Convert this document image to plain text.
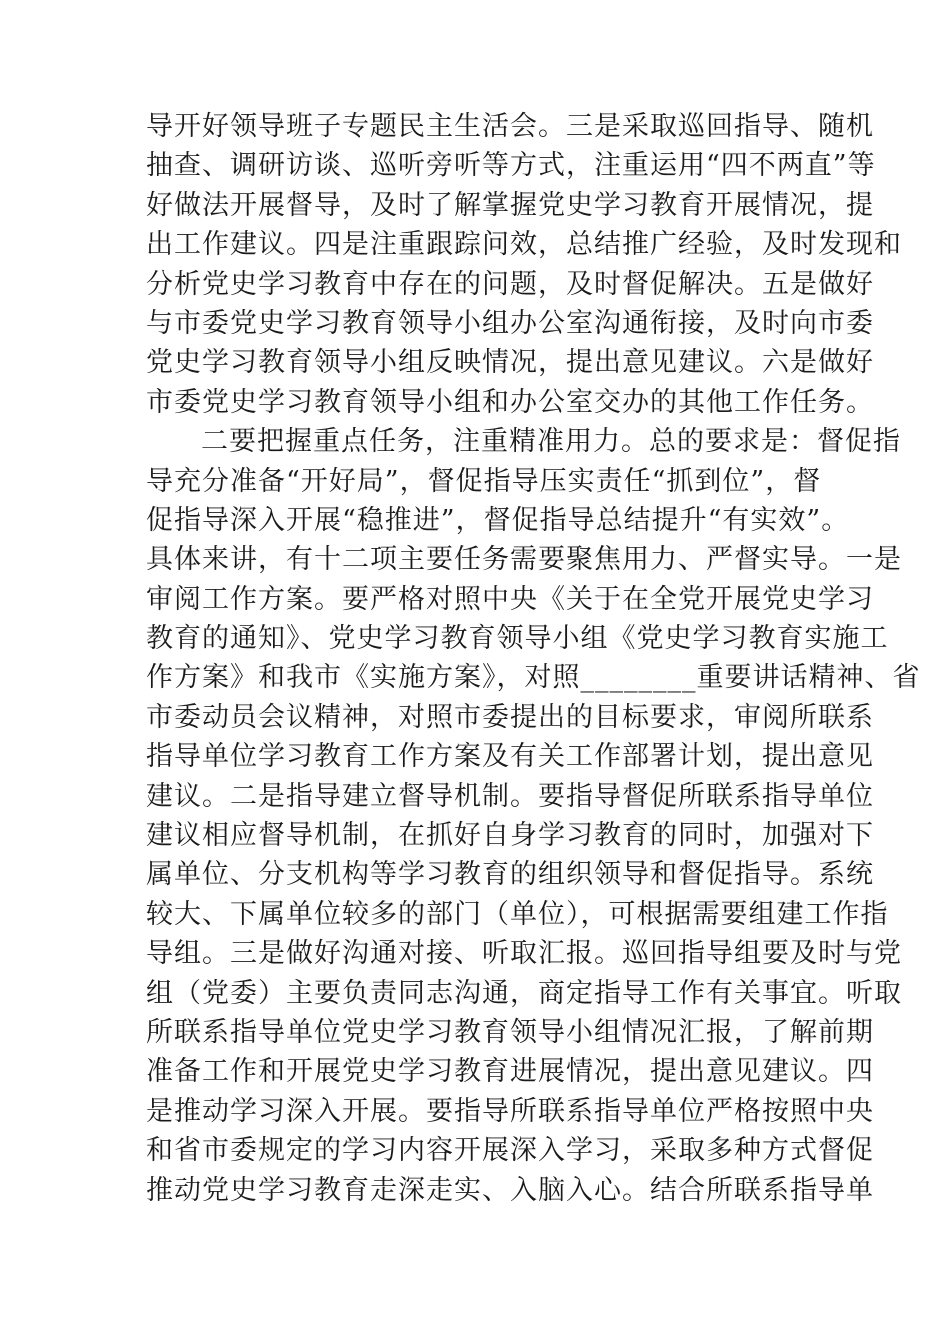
导开好领导班子专题民主生活会。三是采取巡回指导、随机
抽查、调研访谈、巡听旁听等方式，注重运用“四不两直”等
好做法开展督导，及时了解掌握党史学习教育开展情况，提
出工作建议。四是注重跟踪问效，总结推广经验，及时发现和
分析党史学习教育中存在的问题，及时督促解决。五是做好
与市委党史学习教育领导小组办公室沟通衔接，及时向市委
党史学习教育领导小组反映情况，提出意见建议。六是做好
市委党史学习教育领导小组和办公室交办的其他工作任务。
二要把握重点任务，注重精准用力。总的要求是：督促指
导充分准备“开好局”，督促指导压实责任“抓到位”，督
促指导深入开展“稳推进”，督促指导总结提升“有实效”。
具体来讲，有十二项主要任务需要聚焦用力、严督实导。一是
审阅工作方案。要严格对照中央《关于在全党开展党史学习
教育的通知》、党史学习教育领导小组《党史学习教育实施工
作方案》和我市《实施方案》，对照________重要讲话精神、省
市委动员会议精神，对照市委提出的目标要求，审阅所联系
指导单位学习教育工作方案及有关工作部署计划，提出意见
建议。二是指导建立督导机制。要指导督促所联系指导单位
建议相应督导机制，在抓好自身学习教育的同时，加强对下
属单位、分支机构等学习教育的组织领导和督促指导。系统
较大、下属单位较多的部门（单位），可根据需要组建工作指
导组。三是做好沟通对接、听取汇报。巡回指导组要及时与党
组（党委）主要负责同志沟通，商定指导工作有关事宜。听取
所联系指导单位党史学习教育领导小组情况汇报，了解前期
准备工作和开展党史学习教育进展情况，提出意见建议。四
是推动学习深入开展。要指导所联系指导单位严格按照中央
和省市委规定的学习内容开展深入学习，采取多种方式督促
推动党史学习教育走深走实、入脑入心。结合所联系指导单
